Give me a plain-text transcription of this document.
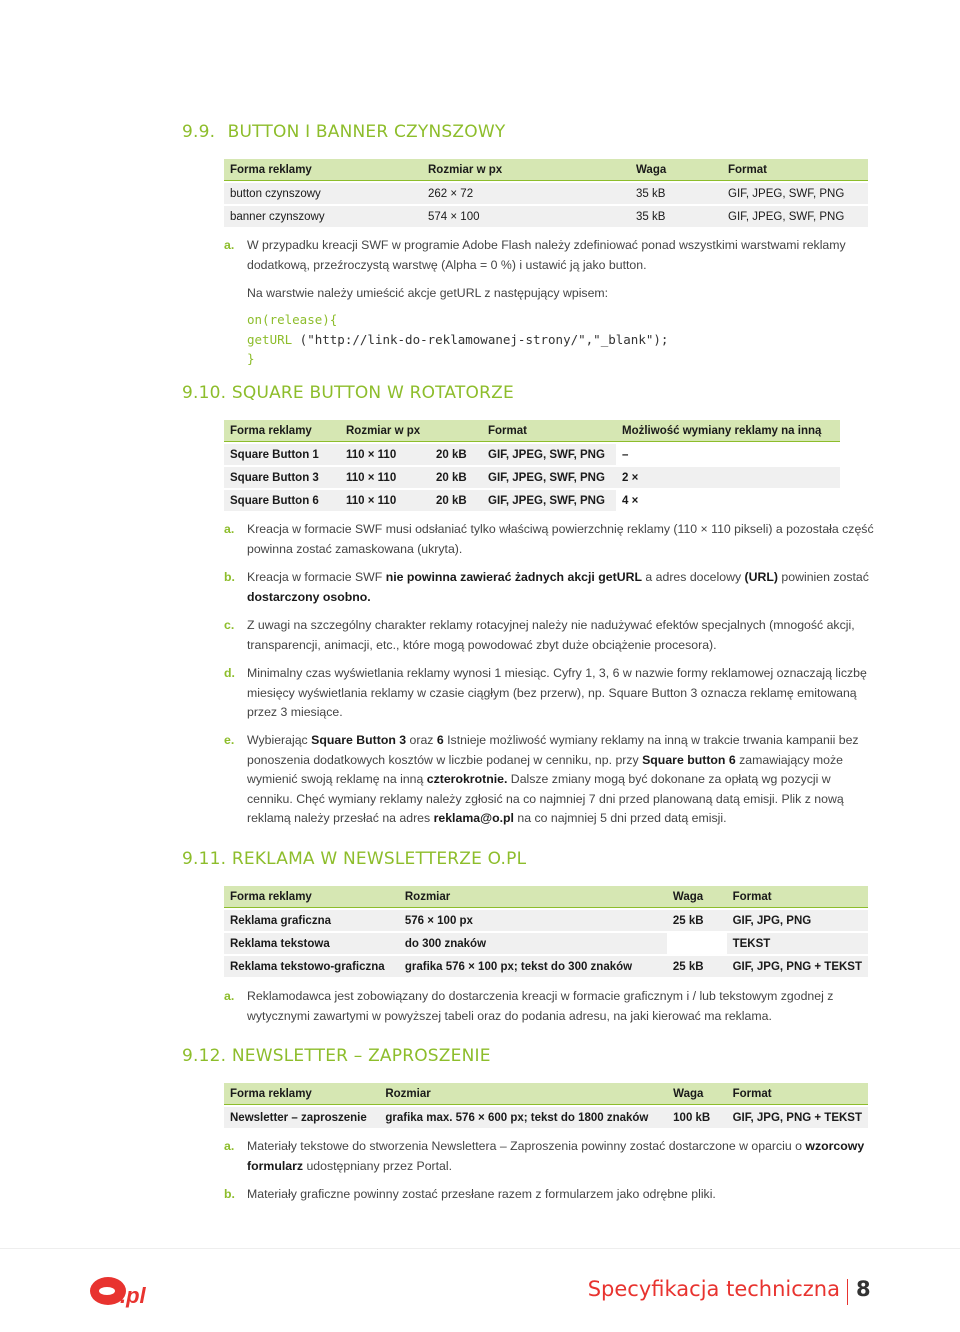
9.9. BUTTON I BANNER CZYNSZOWY
Forma reklamy	Rozmiar w px	Waga	Format
button czynszowy	262 × 72	35 kB	GIF, JPEG, SWF, PNG
banner czynszowy	574 × 100	35 kB	GIF, JPEG, SWF, PNG
a. W przypadku kreacji SWF w programie Adobe Flash należy zdefiniować ponad wszystkimi warstwami reklamy dodatkową, przeźroczystą warstwę (Alpha = 0 %) i ustawić ją jako button.
Na warstwie należy umieścić akcje getURL z następujący wpisem:
on(release){
getURL ("http://link-do-reklamowanej-strony/","_blank");
}
9.10. SQUARE BUTTON W ROTATORZE
Forma reklamy	Rozmiar w px		Format	Możliwość wymiany reklamy na inną
Square Button 1	110 × 110	20 kB	GIF, JPEG, SWF, PNG	–
Square Button 3	110 × 110	20 kB	GIF, JPEG, SWF, PNG	2 ×
Square Button 6	110 × 110	20 kB	GIF, JPEG, SWF, PNG	4 ×
a. Kreacja w formacie SWF musi odsłaniać tylko właściwą powierzchnię reklamy (110 × 110 pikseli) a pozostała część powinna zostać zamaskowana (ukryta).
b. Kreacja w formacie SWF nie powinna zawierać żadnych akcji getURL a adres docelowy (URL) powinien zostać dostarczony osobno.
c. Z uwagi na szczególny charakter reklamy rotacyjnej należy nie nadużywać efektów specjalnych (mnogość akcji, transparencji, animacji, etc., które mogą powodować zbyt duże obciążenie procesora).
d. Minimalny czas wyświetlania reklamy wynosi 1 miesiąc. Cyfry 1, 3, 6 w nazwie formy reklamowej oznaczają liczbę miesięcy wyświetlania reklamy w czasie ciągłym (bez przerw), np. Square Button 3 oznacza reklamę emitowaną przez 3 miesiące.
e. Wybierając Square Button 3 oraz 6 Istnieje możliwość wymiany reklamy na inną w trakcie trwania kampanii bez ponoszenia dodatkowych kosztów w liczbie podanej w cenniku, np. przy Square button 6 zamawiający może wymienić swoją reklamę na inną czterokrotnie. Dalsze zmiany mogą być dokonane za opłatą wg pozycji w cenniku. Chęć wymiany reklamy należy zgłosić na co najmniej 7 dni przed planowaną datą emisji. Plik z nową reklamą należy przesłać na adres reklama@o.pl na co najmniej 5 dni przed datą emisji.
9.11. REKLAMA W NEWSLETTERZE O.PL
Forma reklamy	Rozmiar	Waga	Format
Reklama graficzna	576 × 100 px	25 kB	GIF, JPG, PNG
Reklama tekstowa	do 300 znaków		TEKST
Reklama tekstowo-graficzna	grafika 576 × 100 px; tekst do 300 znaków	25 kB	GIF, JPG, PNG + TEKST
a. Reklamodawca jest zobowiązany do dostarczenia kreacji w formacie graficznym i / lub tekstowym zgodnej z wytycznymi zawartymi w powyższej tabeli oraz do podania adresu, na jaki kierować ma reklama.
9.12. NEWSLETTER – ZAPROSZENIE
Forma reklamy	Rozmiar	Waga	Format
Newsletter – zaproszenie	grafika max. 576 × 600 px; tekst do 1800 znaków	100 kB	GIF, JPG, PNG + TEKST
a. Materiały tekstowe do stworzenia Newslettera – Zaproszenia powinny zostać dostarczone w oparciu o wzorcowy formularz udostępniany przez Portal.
b. Materiały graficzne powinny zostać przesłane razem z formularzem jako odrębne pliki.
.pl	Specyfikacja techniczna 8
